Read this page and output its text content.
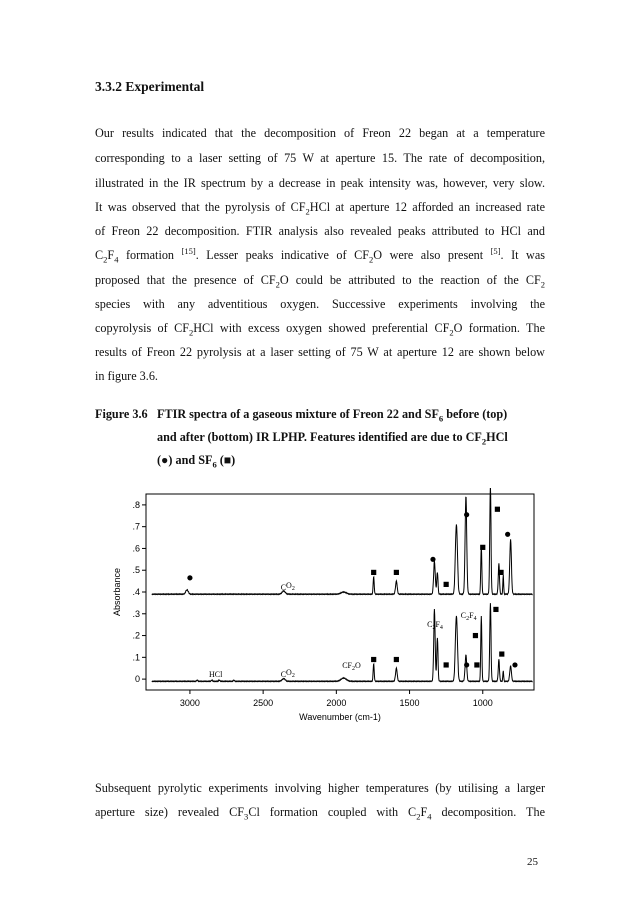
3.3.2 Experimental
Our results indicated that the decomposition of Freon 22 began at a temperature
corresponding to a laser setting of 75 W at aperture 15. The rate of decomposition,
illustrated in the IR spectrum by a decrease in peak intensity was, however, very slow.
It was observed that the pyrolysis of $CF_2HCl$ at aperture 12 afforded an increased rate
of Freon 22 decomposition. FTIR analysis also revealed peaks attributed to HCl and
$C_2F_4$ formation [15]. Lesser peaks indicative of $CF_2O$ were also present [5]. It was
proposed that the presence of $CF_2O$ could be attributed to the reaction of the $CF_2$
species with any adventitious oxygen. Successive experiments involving the
copyrolysis of $CF_2HCl$ with excess oxygen showed preferential $CF_2O$ formation. The
results of Freon 22 pyrolysis at a laser setting of 75 W at aperture 12 are shown below
in figure 3.6.
Figure 3.6 FTIR spectra of a gaseous mixture of Freon 22 and $SF_6$ before (top)
and after (bottom) IR LPHP. Features identified are due to $CF_2HCl$
(●) and $SF_6$ (■)
0
.1
.2
.3
.4
.5
.6
.7
.8
3000	2500	2000	1500	1000
Wavenumber (cm-1)
Absorbance	$CO_2$
$C_2F_4$
$C_2F_4$
HCl	$CO_2$
$CF_2O$
Subsequent pyrolytic experiments involving higher temperatures (by utilising a larger
aperture size) revealed $CF_3Cl$ formation coupled with $C_2F_4$ decomposition. The
25
